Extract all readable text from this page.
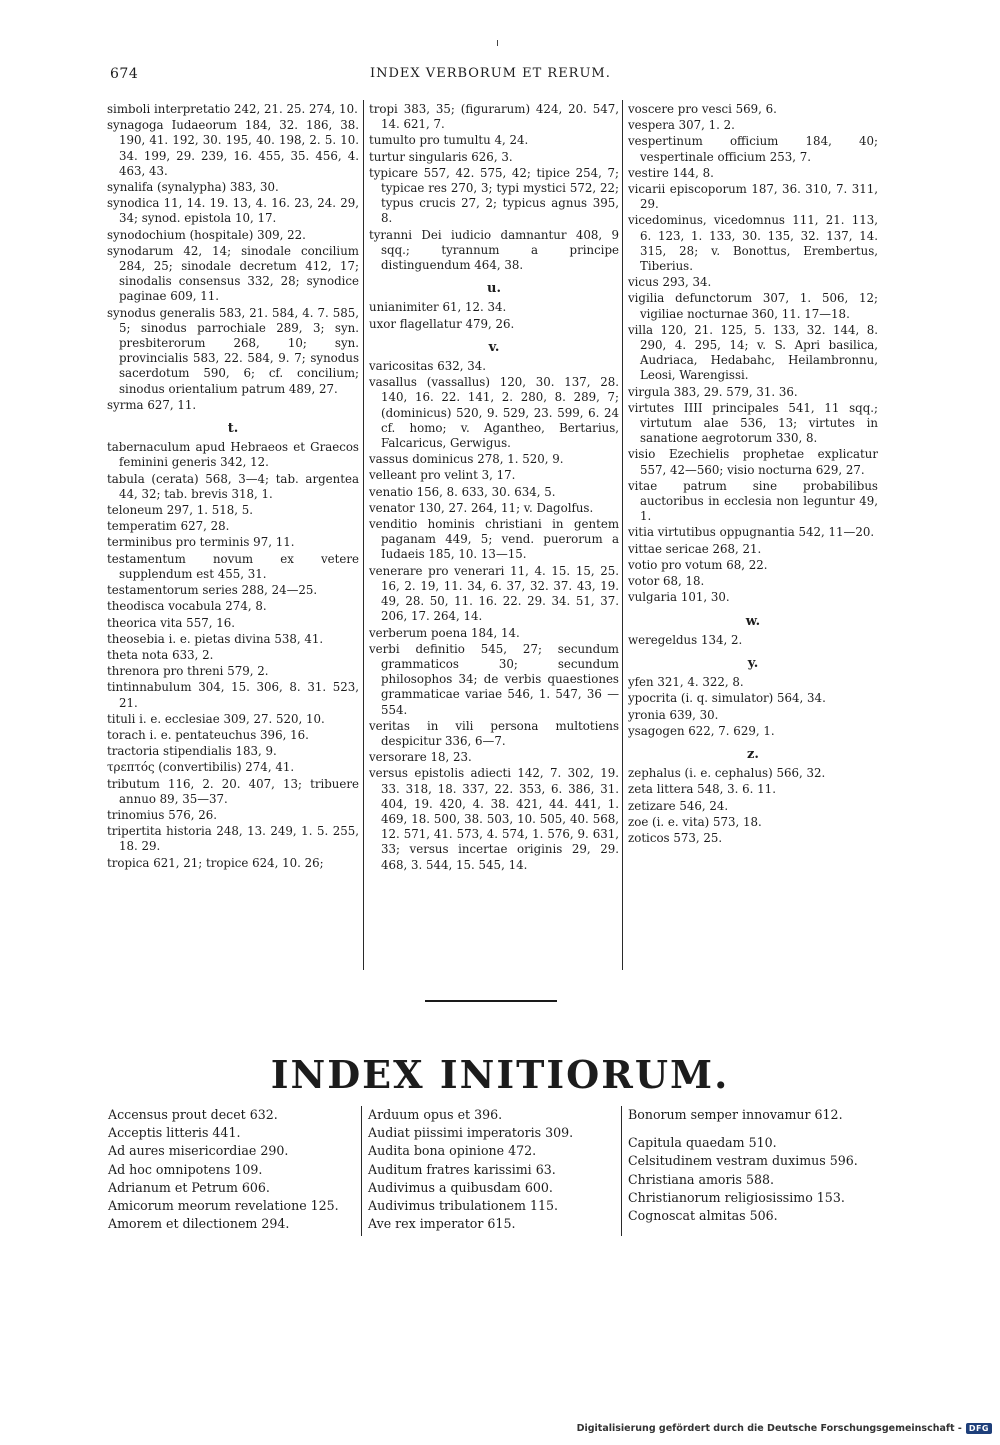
674	INDEX VERBORUM ET RERUM.
simboli interpretatio 242, 21. 25. 274, 10.
synagoga Iudaeorum 184, 32. 186, 38. 190, 41. 192, 30. 195, 40. 198, 2. 5. 10. 34. 199, 29. 239, 16. 455, 35. 456, 4. 463, 43.
synalifa (synalypha) 383, 30.
synodica 11, 14. 19. 13, 4. 16. 23, 24. 29, 34; synod. epistola 10, 17.
synodochium (hospitale) 309, 22.
synodarum 42, 14; sinodale concilium 284, 25; sinodale decretum 412, 17; sinodalis consensus 332, 28; synodice paginae 609, 11.
synodus generalis 583, 21. 584, 4. 7. 585, 5; sinodus parrochiale 289, 3; syn. presbiterorum 268, 10; syn. provincialis 583, 22. 584, 9. 7; synodus sacerdotum 590, 6; cf. concilium; sinodus orientalium patrum 489, 27.
syrma 627, 11.
t.
tabernaculum apud Hebraeos et Graecos feminini generis 342, 12.
tabula (cerata) 568, 3—4; tab. argentea 44, 32; tab. brevis 318, 1.
teloneum 297, 1. 518, 5.
temperatim 627, 28.
terminibus pro terminis 97, 11.
testamentum novum ex vetere supplendum est 455, 31.
testamentorum series 288, 24—25.
theodisca vocabula 274, 8.
theorica vita 557, 16.
theosebia i. e. pietas divina 538, 41.
theta nota 633, 2.
threnora pro threni 579, 2.
tintinnabulum 304, 15. 306, 8. 31. 523, 21.
tituli i. e. ecclesiae 309, 27. 520, 10.
torach i. e. pentateuchus 396, 16.
tractoria stipendialis 183, 9.
τρεπτός (convertibilis) 274, 41.
tributum 116, 2. 20. 407, 13; tribuere annuo 89, 35—37.
trinomius 576, 26.
tripertita historia 248, 13. 249, 1. 5. 255, 18. 29.
tropica 621, 21; tropice 624, 10. 26;
tropi 383, 35; (figurarum) 424, 20. 547, 14. 621, 7.
tumulto pro tumultu 4, 24.
turtur singularis 626, 3.
typicare 557, 42. 575, 42; tipice 254, 7; typicae res 270, 3; typi mystici 572, 22; typus crucis 27, 2; typicus agnus 395, 8.
tyranni Dei iudicio damnantur 408, 9 sqq.; tyrannum a principe distinguendum 464, 38.
u.
unianimiter 61, 12. 34.
uxor flagellatur 479, 26.
v.
varicositas 632, 34.
vasallus (vassallus) 120, 30. 137, 28. 140, 16. 22. 141, 2. 280, 8. 289, 7; (dominicus) 520, 9. 529, 23. 599, 6. 24 cf. homo; v. Agantheo, Bertarius, Falcaricus, Gerwigus.
vassus dominicus 278, 1. 520, 9.
velleant pro velint 3, 17.
venatio 156, 8. 633, 30. 634, 5.
venator 130, 27. 264, 11; v. Dagolfus.
venditio hominis christiani in gentem paganam 449, 5; vend. puerorum a Iudaeis 185, 10. 13—15.
venerare pro venerari 11, 4. 15. 15, 25. 16, 2. 19, 11. 34, 6. 37, 32. 37. 43, 19. 49, 28. 50, 11. 16. 22. 29. 34. 51, 37. 206, 17. 264, 14.
verberum poena 184, 14.
verbi definitio 545, 27; secundum grammaticos 30; secundum philosophos 34; de verbis quaestiones grammaticae variae 546, 1. 547, 36 —554.
veritas in vili persona multotiens despicitur 336, 6—7.
versorare 18, 23.
versus epistolis adiecti 142, 7. 302, 19. 33. 318, 18. 337, 22. 353, 6. 386, 31. 404, 19. 420, 4. 38. 421, 44. 441, 1. 469, 18. 500, 38. 503, 10. 505, 40. 568, 12. 571, 41. 573, 4. 574, 1. 576, 9. 631, 33; versus incertae originis 29, 29. 468, 3. 544, 15. 545, 14.
voscere pro vesci 569, 6.
vespera 307, 1. 2.
vespertinum officium 184, 40; vespertinale officium 253, 7.
vestire 144, 8.
vicarii episcoporum 187, 36. 310, 7. 311, 29.
vicedominus, vicedomnus 111, 21. 113, 6. 123, 1. 133, 30. 135, 32. 137, 14. 315, 28; v. Bonottus, Erembertus, Tiberius.
vicus 293, 34.
vigilia defunctorum 307, 1. 506, 12; vigiliae nocturnae 360, 11. 17—18.
villa 120, 21. 125, 5. 133, 32. 144, 8. 290, 4. 295, 14; v. S. Apri basilica, Audriaca, Hedabahc, Heilambronnu, Leosi, Warengissi.
virgula 383, 29. 579, 31. 36.
virtutes IIII principales 541, 11 sqq.; virtutum alae 536, 13; virtutes in sanatione aegrotorum 330, 8.
visio Ezechielis prophetae explicatur 557, 42—560; visio nocturna 629, 27.
vitae patrum sine probabilibus auctoribus in ecclesia non leguntur 49, 1.
vitia virtutibus oppugnantia 542, 11—20.
vittae sericae 268, 21.
votio pro votum 68, 22.
votor 68, 18.
vulgaria 101, 30.
w.
weregeldus 134, 2.
y.
yfen 321, 4. 322, 8.
ypocrita (i. q. simulator) 564, 34.
yronia 639, 30.
ysagogen 622, 7. 629, 1.
z.
zephalus (i. e. cephalus) 566, 32.
zeta littera 548, 3. 6. 11.
zetizare 546, 24.
zoe (i. e. vita) 573, 18.
zoticos 573, 25.
INDEX INITIORUM.
Accensus prout decet 632.
Acceptis litteris 441.
Ad aures misericordiae 290.
Ad hoc omnipotens 109.
Adrianum et Petrum 606.
Amicorum meorum revelatione 125.
Amorem et dilectionem 294.
Arduum opus et 396.
Audiat piissimi imperatoris 309.
Audita bona opinione 472.
Auditum fratres karissimi 63.
Audivimus a quibusdam 600.
Audivimus tribulationem 115.
Ave rex imperator 615.
Bonorum semper innovamur 612.
Capitula quaedam 510.
Celsitudinem vestram duximus 596.
Christiana amoris 588.
Christianorum religiosissimo 153.
Cognoscat almitas 506.
Digitalisierung gefördert durch die Deutsche Forschungsgemeinschaft - DFG
